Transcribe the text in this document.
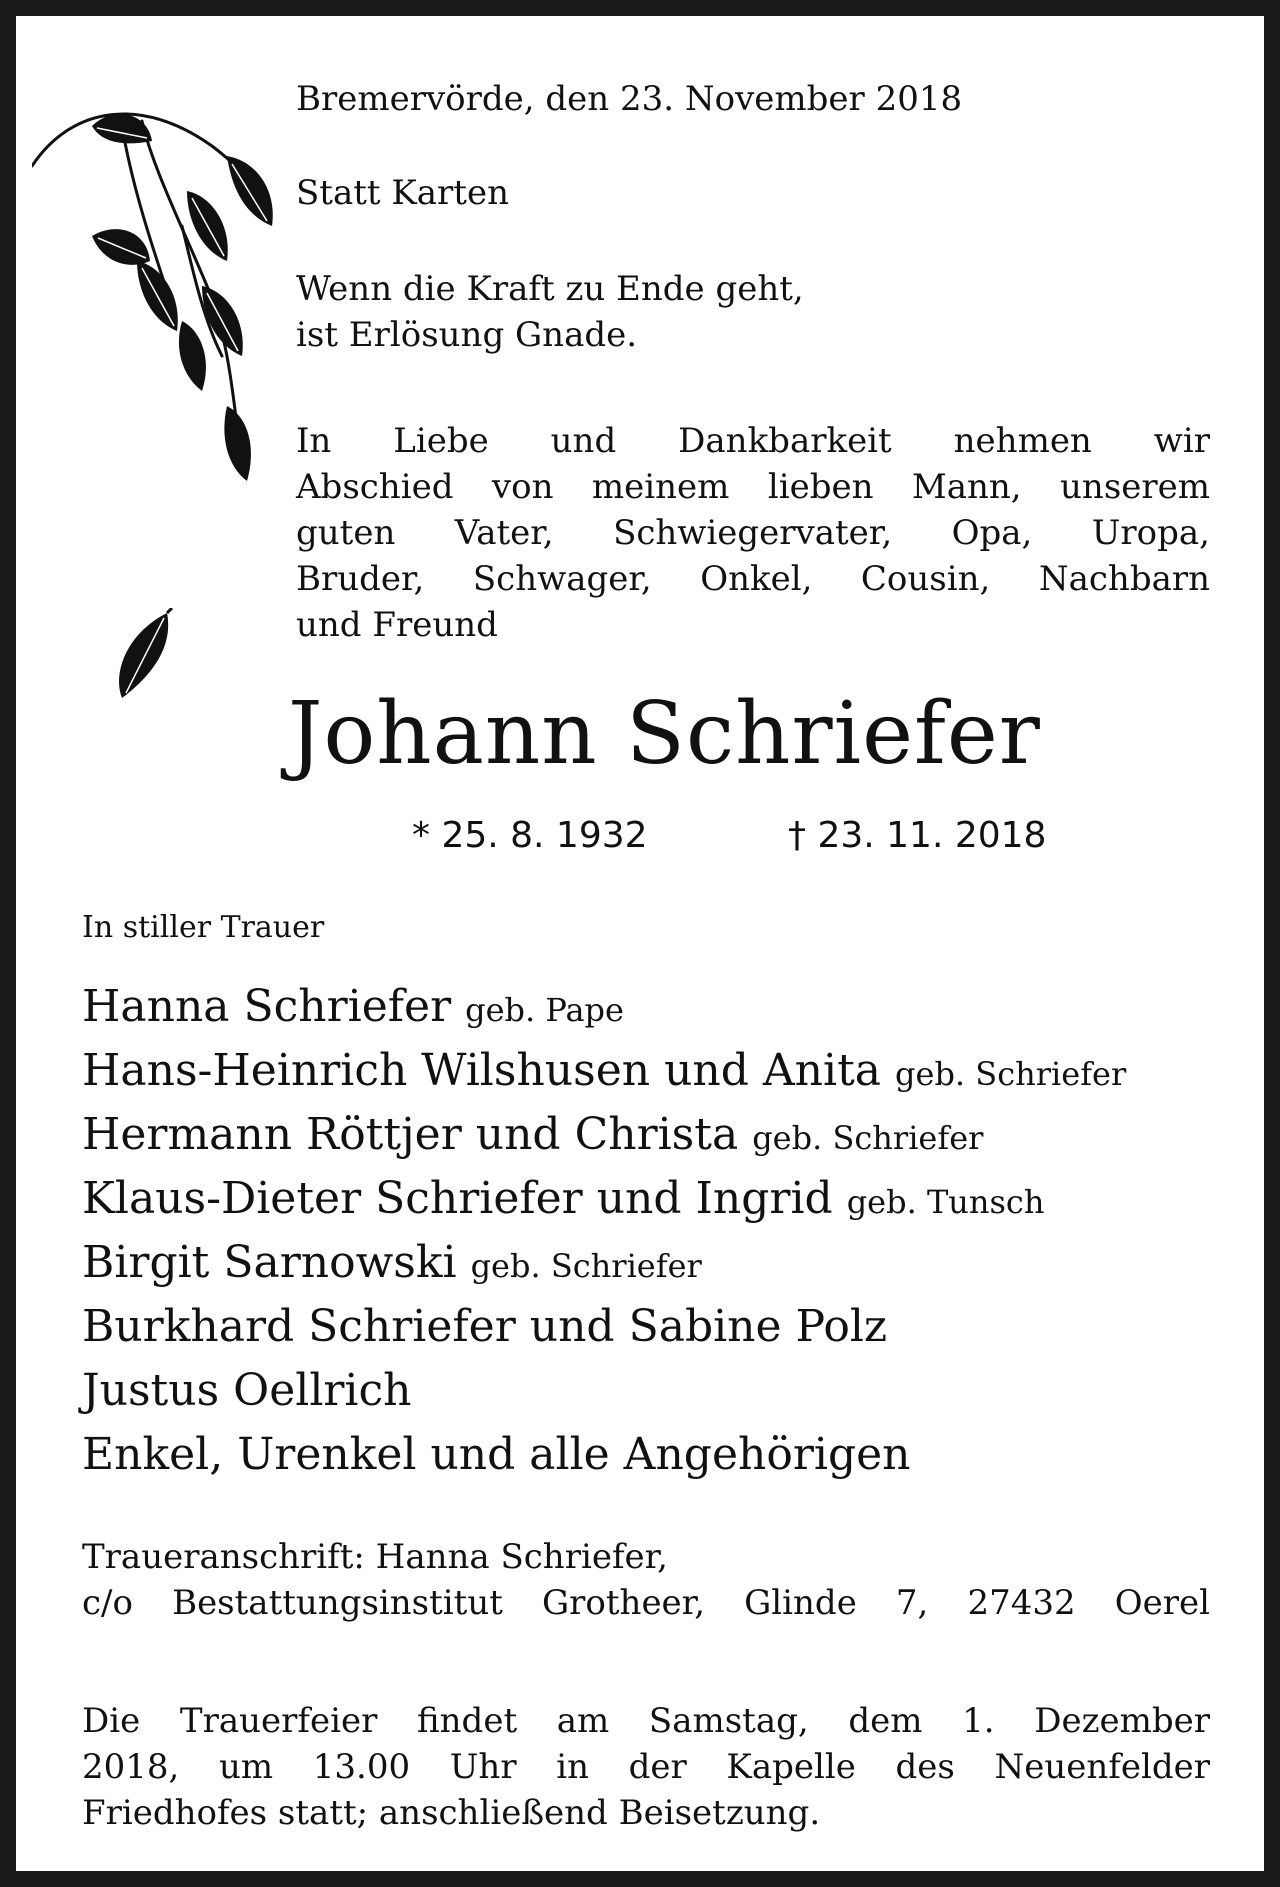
Bremervörde, den 23. November 2018
Statt Karten
Wenn die Kraft zu Ende geht,
ist Erlösung Gnade.
In Liebe und Dankbarkeit nehmen wir
Abschied von meinem lieben Mann, unserem
guten Vater, Schwiegervater, Opa, Uropa,
Bruder, Schwager, Onkel, Cousin, Nachbarn
und Freund
Johann Schriefer
* 25. 8. 1932	† 23. 11. 2018
In stiller Trauer
Hanna Schriefer geb. Pape
Hans-Heinrich Wilshusen und Anita geb. Schriefer
Hermann Röttjer und Christa geb. Schriefer
Klaus-Dieter Schriefer und Ingrid geb. Tunsch
Birgit Sarnowski geb. Schriefer
Burkhard Schriefer und Sabine Polz
Justus Oellrich
Enkel, Urenkel und alle Angehörigen
Traueranschrift: Hanna Schriefer,
c/o Bestattungsinstitut Grotheer, Glinde 7, 27432 Oerel
Die Trauerfeier findet am Samstag, dem 1. Dezember
2018, um 13.00 Uhr in der Kapelle des Neuenfelder
Friedhofes statt; anschließend Beisetzung.
